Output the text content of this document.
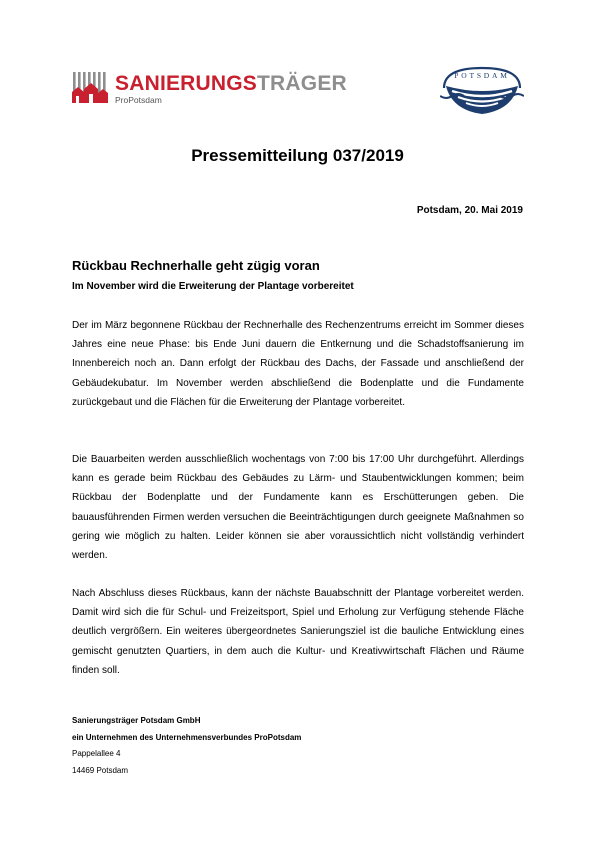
SANIERUNGSTRÄGER
ProPotsdam
POTSDAM
Pressemitteilung 037/2019
Potsdam, 20. Mai 2019

Rückbau Rechnerhalle geht zügig voran

Im November wird die Erweiterung der Plantage vorbereitet

Der im März begonnene Rückbau der Rechnerhalle des Rechenzentrums erreicht im Sommer dieses Jahres eine neue Phase: bis Ende Juni dauern die Entkernung und die Schadstoffsanierung im Innenbereich noch an. Dann erfolgt der Rückbau des Dachs, der Fassade und anschließend der Gebäudekubatur. Im November werden abschließend die Bodenplatte und die Fundamente zurückgebaut und die Flächen für die Erweiterung der Plantage vorbereitet.

Die Bauarbeiten werden ausschließlich wochentags von 7:00 bis 17:00 Uhr durchgeführt. Allerdings kann es gerade beim Rückbau des Gebäudes zu Lärm- und Staubentwicklungen kommen; beim Rückbau der Bodenplatte und der Fundamente kann es Erschütterungen geben. Die bauausführenden Firmen werden versuchen die Beeinträchtigungen durch geeignete Maßnahmen so gering wie möglich zu halten. Leider können sie aber voraussichtlich nicht vollständig verhindert werden.

Nach Abschluss dieses Rückbaus, kann der nächste Bauabschnitt der Plantage vorbereitet werden. Damit wird sich die für Schul- und Freizeitsport, Spiel und Erholung zur Verfügung stehende Fläche deutlich vergrößern. Ein weiteres übergeordnetes Sanierungsziel ist die bauliche Entwicklung eines gemischt genutzten Quartiers, in dem auch die Kultur- und Kreativwirtschaft Flächen und Räume finden soll.

Sanierungsträger Potsdam GmbH
ein Unternehmen des Unternehmensverbundes ProPotsdam
Pappelallee 4
14469 Potsdam
